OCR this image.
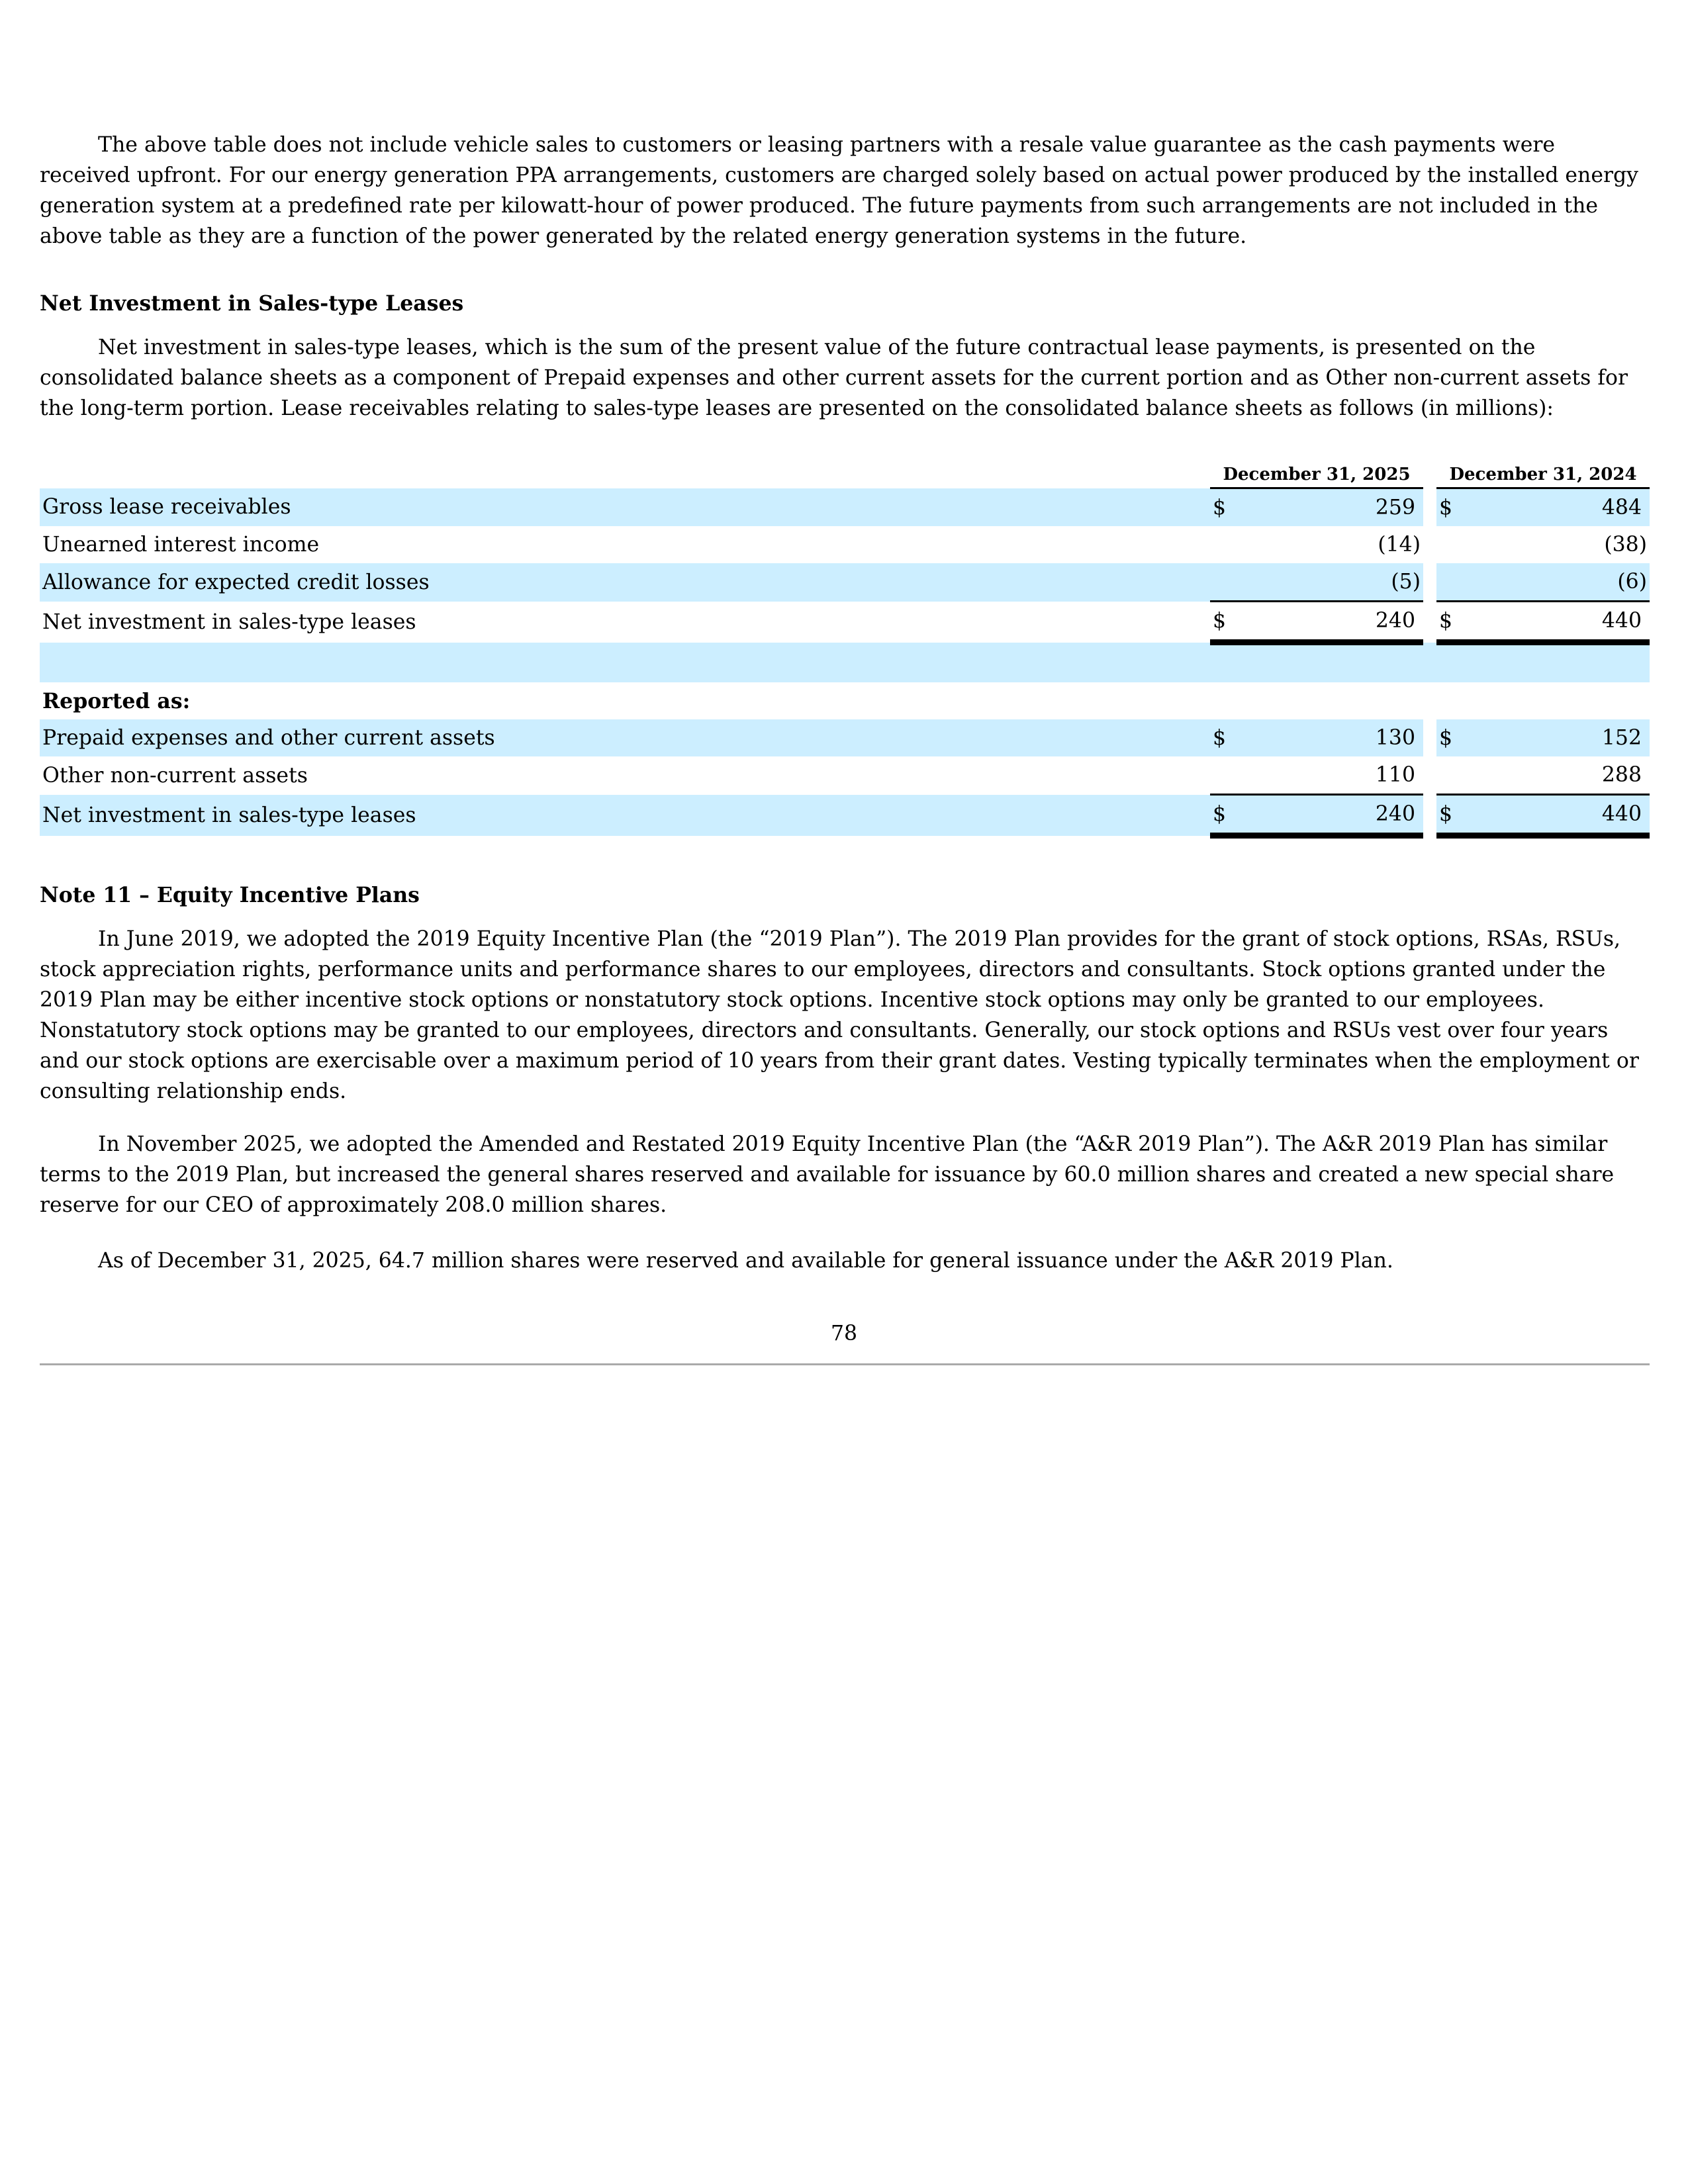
The above table does not include vehicle sales to customers or leasing partners with a resale value guarantee as the cash payments were received upfront. For our energy generation PPA arrangements, customers are charged solely based on actual power produced by the installed energy generation system at a predefined rate per kilowatt-hour of power produced. The future payments from such arrangements are not included in the above table as they are a function of the power generated by the related energy generation systems in the future.

Net Investment in Sales-type Leases

Net investment in sales-type leases, which is the sum of the present value of the future contractual lease payments, is presented on the consolidated balance sheets as a component of Prepaid expenses and other current assets for the current portion and as Other non-current assets for the long-term portion. Lease receivables relating to sales-type leases are presented on the consolidated balance sheets as follows (in millions):

	December 31, 2025			December 31, 2024	
Gross lease receivables	$	259		$	484
Unearned interest income		(14)			(38)
Allowance for expected credit losses		(5)			(6)
Net investment in sales-type leases	$	240		$	440

Reported as:					
Prepaid expenses and other current assets	$	130		$	152
Other non-current assets		110			288
Net investment in sales-type leases	$	240		$	440
Note 11 – Equity Incentive Plans

In June 2019, we adopted the 2019 Equity Incentive Plan (the “2019 Plan”). The 2019 Plan provides for the grant of stock options, RSAs, RSUs, stock appreciation rights, performance units and performance shares to our employees, directors and consultants. Stock options granted under the 2019 Plan may be either incentive stock options or nonstatutory stock options. Incentive stock options may only be granted to our employees. Nonstatutory stock options may be granted to our employees, directors and consultants. Generally, our stock options and RSUs vest over four years and our stock options are exercisable over a maximum period of 10 years from their grant dates. Vesting typically terminates when the employment or consulting relationship ends.

In November 2025, we adopted the Amended and Restated 2019 Equity Incentive Plan (the “A&R 2019 Plan”). The A&R 2019 Plan has similar terms to the 2019 Plan, but increased the general shares reserved and available for issuance by 60.0 million shares and created a new special share reserve for our CEO of approximately 208.0 million shares.

As of December 31, 2025, 64.7 million shares were reserved and available for general issuance under the A&R 2019 Plan.

78
